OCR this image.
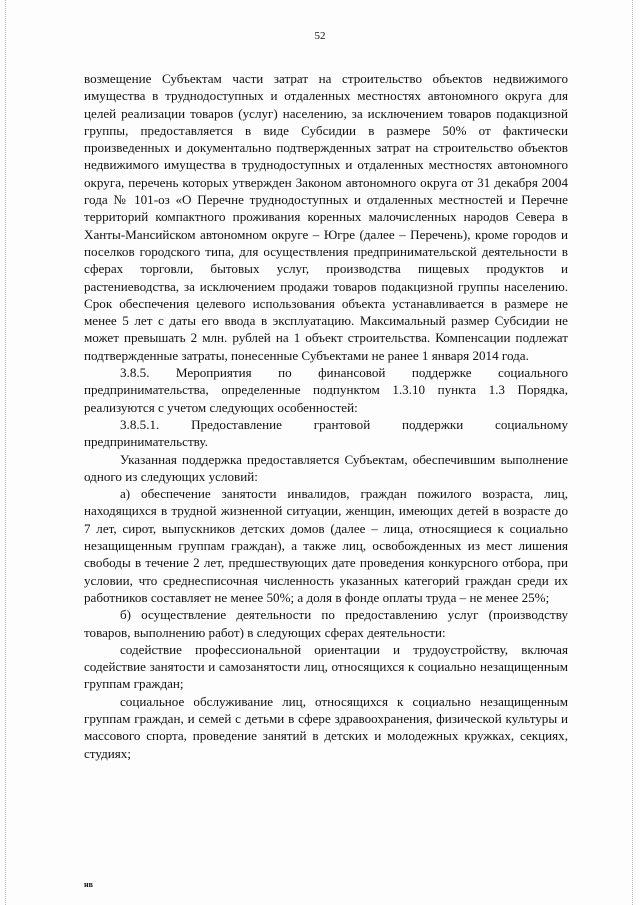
52

возмещение Субъектам части затрат на строительство объектов недвижимого имущества в труднодоступных и отдаленных местностях автономного округа для целей реализации товаров (услуг) населению, за исключением товаров подакцизной группы, предоставляется в виде Субсидии в размере 50% от фактически произведенных и документально подтвержденных затрат на строительство объектов недвижимого имущества в труднодоступных и отдаленных местностях автономного округа, перечень которых утвержден Законом автономного округа от 31 декабря 2004 года № 101-оз «О Перечне труднодоступных и отдаленных местностей и Перечне территорий компактного проживания коренных малочисленных народов Севера в Ханты-Мансийском автономном округе – Югре (далее – Перечень), кроме городов и поселков городского типа, для осуществления предпринимательской деятельности в сферах торговли, бытовых услуг, производства пищевых продуктов и растениеводства, за исключением продажи товаров подакцизной группы населению. Срок обеспечения целевого использования объекта устанавливается в размере не менее 5 лет с даты его ввода в эксплуатацию. Максимальный размер Субсидии не может превышать 2 млн. рублей на 1 объект строительства. Компенсации подлежат подтвержденные затраты, понесенные Субъектами не ранее 1 января 2014 года.

3.8.5. Мероприятия по финансовой поддержке социального предпринимательства, определенные подпунктом 1.3.10 пункта 1.3 Порядка, реализуются с учетом следующих особенностей:

3.8.5.1. Предоставление грантовой поддержки социальному предпринимательству.

Указанная поддержка предоставляется Субъектам, обеспечившим выполнение одного из следующих условий:

а) обеспечение занятости инвалидов, граждан пожилого возраста, лиц, находящихся в трудной жизненной ситуации, женщин, имеющих детей в возрасте до 7 лет, сирот, выпускников детских домов (далее – лица, относящиеся к социально незащищенным группам граждан), а также лиц, освобожденных из мест лишения свободы в течение 2 лет, предшествующих дате проведения конкурсного отбора, при условии, что среднесписочная численность указанных категорий граждан среди их работников составляет не менее 50%; а доля в фонде оплаты труда – не менее 25%;

б) осуществление деятельности по предоставлению услуг (производству товаров, выполнению работ) в следующих сферах деятельности:

содействие профессиональной ориентации и трудоустройству, включая содействие занятости и самозанятости лиц, относящихся к социально незащищенным группам граждан;

социальное обслуживание лиц, относящихся к социально незащищенным группам граждан, и семей с детьми в сфере здравоохранения, физической культуры и массового спорта, проведение занятий в детских и молодежных кружках, секциях, студиях;

нв
